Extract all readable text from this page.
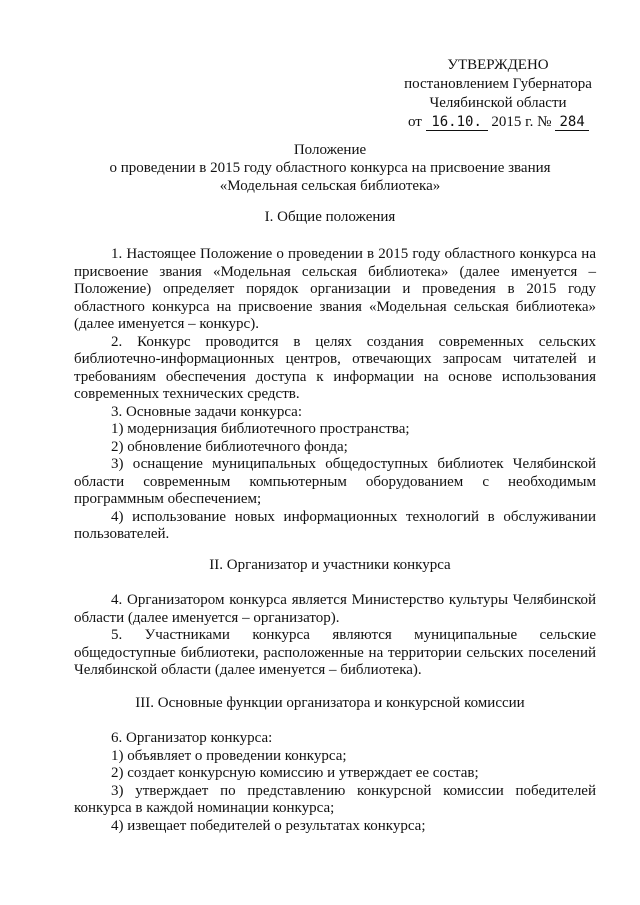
УТВЕРЖДЕНО
постановлением Губернатора
Челябинской области
от 16.10. 2015 г. № 284
Положение
о проведении в 2015 году областного конкурса на присвоение звания
«Модельная сельская библиотека»
I. Общие положения

1. Настоящее Положение о проведении в 2015 году областного конкурса на присвоение звания «Модельная сельская библиотека» (далее именуется – Положение) определяет порядок организации и проведения в 2015 году областного конкурса на присвоение звания «Модельная сельская библиотека» (далее именуется – конкурс).

2. Конкурс проводится в целях создания современных сельских библиотечно-информационных центров, отвечающих запросам читателей и требованиям обеспечения доступа к информации на основе использования современных технических средств.

3. Основные задачи конкурса:

1) модернизация библиотечного пространства;

2) обновление библиотечного фонда;

3) оснащение муниципальных общедоступных библиотек Челябинской области современным компьютерным оборудованием с необходимым программным обеспечением;

4) использование новых информационных технологий в обслуживании пользователей.

II. Организатор и участники конкурса

4. Организатором конкурса является Министерство культуры Челябинской области (далее именуется – организатор).

5. Участниками конкурса являются муниципальные сельские общедоступные библиотеки, расположенные на территории сельских поселений Челябинской области (далее именуется – библиотека).

III. Основные функции организатора и конкурсной комиссии

6. Организатор конкурса:

1) объявляет о проведении конкурса;

2) создает конкурсную комиссию и утверждает ее состав;

3) утверждает по представлению конкурсной комиссии победителей конкурса в каждой номинации конкурса;

4) извещает победителей о результатах конкурса;
